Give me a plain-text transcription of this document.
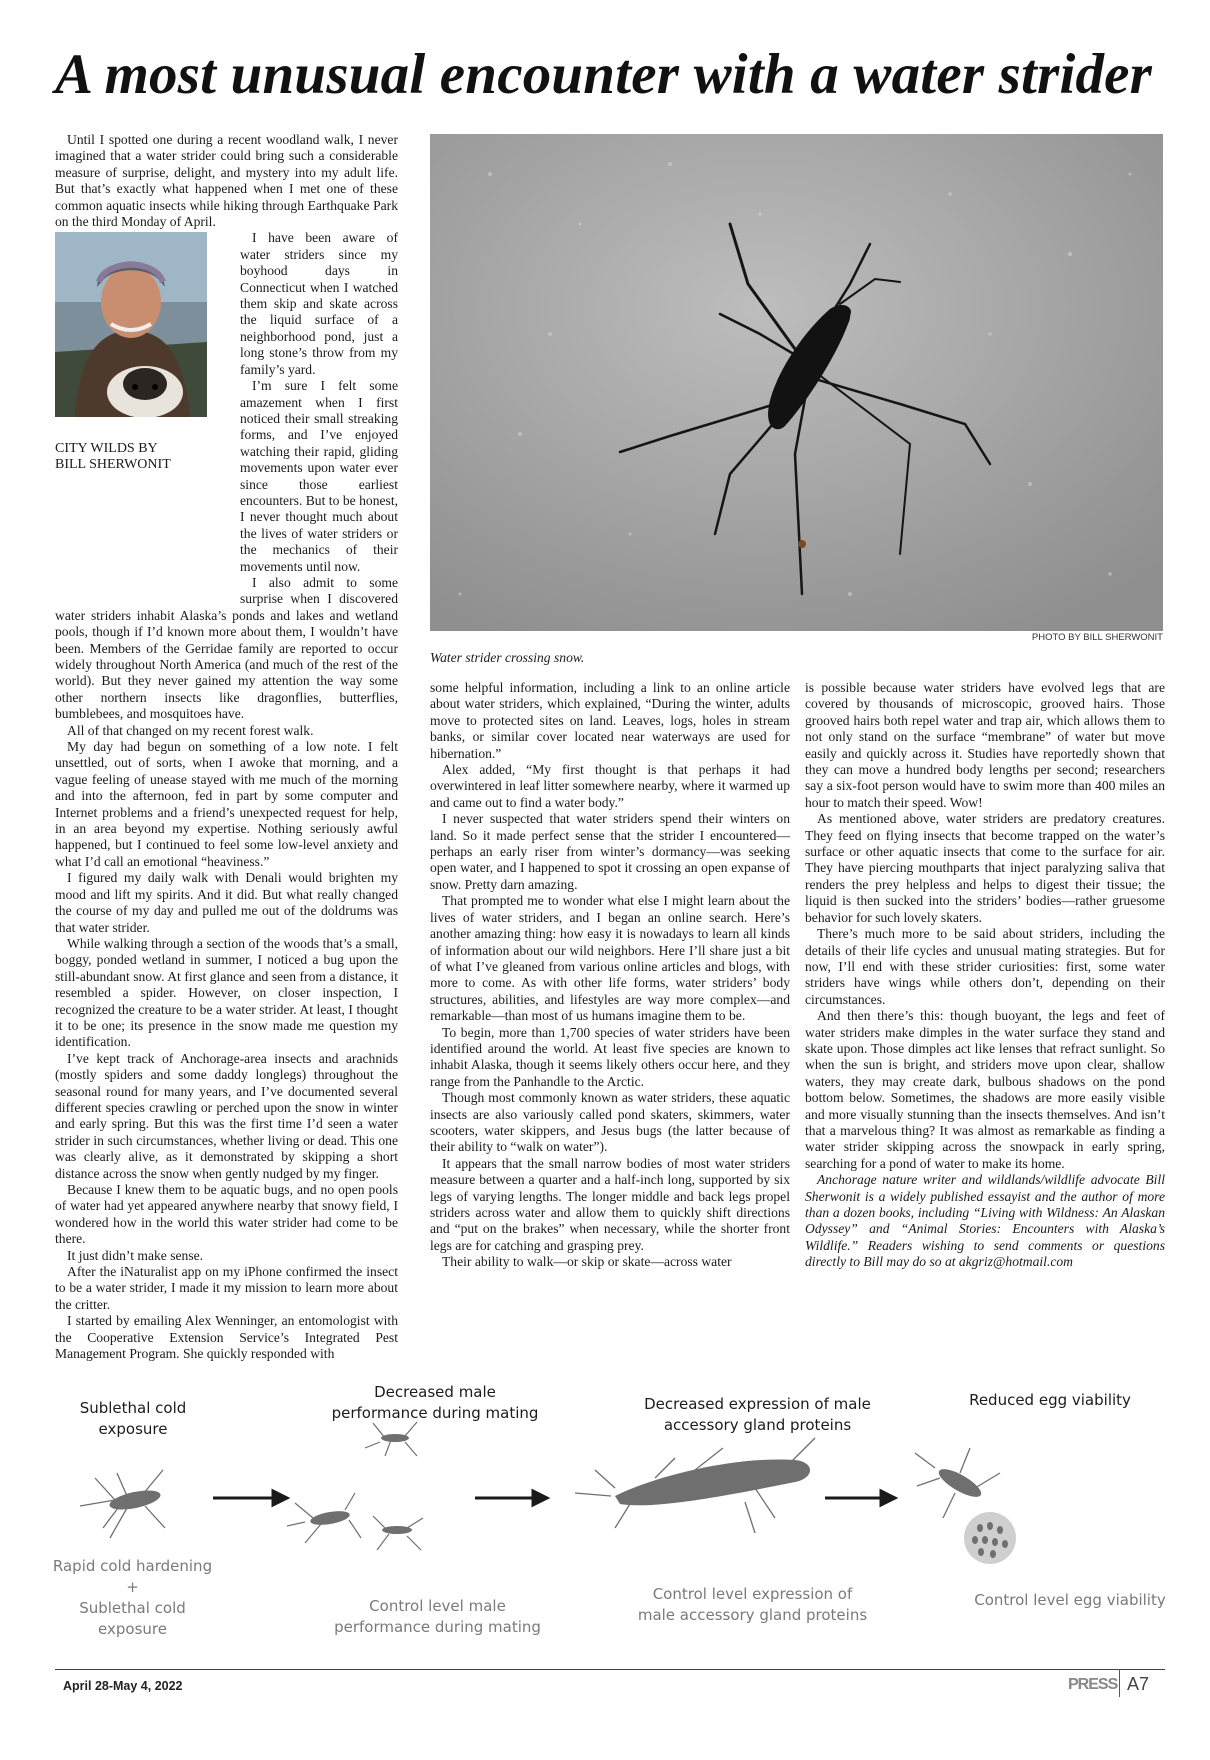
A most unusual encounter with a water strider

Until I spotted one during a recent woodland walk, I never imagined that a water strider could bring such a considerable measure of surprise, delight, and mystery into my adult life. But that’s exactly what happened when I met one of these common aquatic insects while hiking through Earthquake Park on the third Monday of April.

CITY WILDS BY
BILL SHERWONIT

I have been aware of water striders since my boyhood days in Connecticut when I watched them skip and skate across the liquid surface of a neighborhood pond, just a long stone’s throw from my family’s yard.

I’m sure I felt some amazement when I first noticed their small streaking forms, and I’ve enjoyed watching their rapid, gliding movements upon water ever since those earliest encounters. But to be honest, I never thought much about the lives of water striders or the mechanics of their movements until now.

I also admit to some surprise when I discovered water striders inhabit Alaska’s ponds and lakes and wetland pools, though if I’d known more about them, I wouldn’t have been. Members of the Gerridae family are reported to occur widely throughout North America (and much of the rest of the world). But they never gained my attention the way some other northern insects like dragonflies, butterflies, bumblebees, and mosquitoes have.

All of that changed on my recent forest walk.

My day had begun on something of a low note. I felt unsettled, out of sorts, when I awoke that morning, and a vague feeling of unease stayed with me much of the morning and into the afternoon, fed in part by some computer and Internet problems and a friend’s unexpected request for help, in an area beyond my expertise. Nothing seriously awful happened, but I continued to feel some low-level anxiety and what I’d call an emotional “heaviness.”

I figured my daily walk with Denali would brighten my mood and lift my spirits. And it did. But what really changed the course of my day and pulled me out of the doldrums was that water strider.

While walking through a section of the woods that’s a small, boggy, ponded wetland in summer, I noticed a bug upon the still-abundant snow. At first glance and seen from a distance, it resembled a spider. However, on closer inspection, I recognized the creature to be a water strider. At least, I thought it to be one; its presence in the snow made me question my identification.

I’ve kept track of Anchorage-area insects and arachnids (mostly spiders and some daddy longlegs) throughout the seasonal round for many years, and I’ve documented several different species crawling or perched upon the snow in winter and early spring. But this was the first time I’d seen a water strider in such circumstances, whether living or dead. This one was clearly alive, as it demonstrated by skipping a short distance across the snow when gently nudged by my finger.

Because I knew them to be aquatic bugs, and no open pools of water had yet appeared anywhere nearby that snowy field, I wondered how in the world this water strider had come to be there.

It just didn’t make sense.

After the iNaturalist app on my iPhone confirmed the insect to be a water strider, I made it my mission to learn more about the critter.

I started by emailing Alex Wenninger, an entomologist with the Cooperative Extension Service’s Integrated Pest Management Program. She quickly responded with

PHOTO BY BILL SHERWONIT
Water strider crossing snow.

some helpful information, including a link to an online article about water striders, which explained, “During the winter, adults move to protected sites on land. Leaves, logs, holes in stream banks, or similar cover located near waterways are used for hibernation.”

Alex added, “My first thought is that perhaps it had overwintered in leaf litter somewhere nearby, where it warmed up and came out to find a water body.”

I never suspected that water striders spend their winters on land. So it made perfect sense that the strider I encountered—perhaps an early riser from winter’s dormancy—was seeking open water, and I happened to spot it crossing an open expanse of snow. Pretty darn amazing.

That prompted me to wonder what else I might learn about the lives of water striders, and I began an online search. Here’s another amazing thing: how easy it is nowadays to learn all kinds of information about our wild neighbors. Here I’ll share just a bit of what I’ve gleaned from various online articles and blogs, with more to come. As with other life forms, water striders’ body structures, abilities, and lifestyles are way more complex—and remarkable—than most of us humans imagine them to be.

To begin, more than 1,700 species of water striders have been identified around the world. At least five species are known to inhabit Alaska, though it seems likely others occur here, and they range from the Panhandle to the Arctic.

Though most commonly known as water striders, these aquatic insects are also variously called pond skaters, skimmers, water scooters, water skippers, and Jesus bugs (the latter because of their ability to “walk on water”).

It appears that the small narrow bodies of most water striders measure between a quarter and a half-inch long, supported by six legs of varying lengths. The longer middle and back legs propel striders across water and allow them to quickly shift directions and “put on the brakes” when necessary, while the shorter front legs are for catching and grasping prey.

Their ability to walk—or skip or skate—across water

is possible because water striders have evolved legs that are covered by thousands of microscopic, grooved hairs. Those grooved hairs both repel water and trap air, which allows them to not only stand on the surface “membrane” of water but move easily and quickly across it. Studies have reportedly shown that they can move a hundred body lengths per second; researchers say a six-foot person would have to swim more than 400 miles an hour to match their speed. Wow!

As mentioned above, water striders are predatory creatures. They feed on flying insects that become trapped on the water’s surface or other aquatic insects that come to the surface for air. They have piercing mouthparts that inject paralyzing saliva that renders the prey helpless and helps to digest their tissue; the liquid is then sucked into the striders’ bodies—rather gruesome behavior for such lovely skaters.

There’s much more to be said about striders, including the details of their life cycles and unusual mating strategies. But for now, I’ll end with these strider curiosities: first, some water striders have wings while others don’t, depending on their circumstances.

And then there’s this: though buoyant, the legs and feet of water striders make dimples in the water surface they stand and skate upon. Those dimples act like lenses that refract sunlight. So when the sun is bright, and striders move upon clear, shallow waters, they may create dark, bulbous shadows on the pond bottom below. Sometimes, the shadows are more easily visible and more visually stunning than the insects themselves. And isn’t that a marvelous thing? It was almost as remarkable as finding a water strider skipping across the snowpack in early spring, searching for a pond of water to make its home.

Anchorage nature writer and wildlands/wildlife advocate Bill Sherwonit is a widely published essayist and the author of more than a dozen books, including “Living with Wildness: An Alaskan Odyssey” and “Animal Stories: Encounters with Alaska’s Wildlife.” Readers wishing to send comments or questions directly to Bill may do so at akgriz@hotmail.com

Sublethal cold exposure
Decreased male performance during mating	Decreased expression of male accessory gland proteins
Reduced egg viability
Rapid cold hardening
+
Sublethal cold exposure
Control level male performance during mating
Control level expression of male accessory gland proteins
Control level egg viability
April 28-May 4, 2022	PRESS A7
